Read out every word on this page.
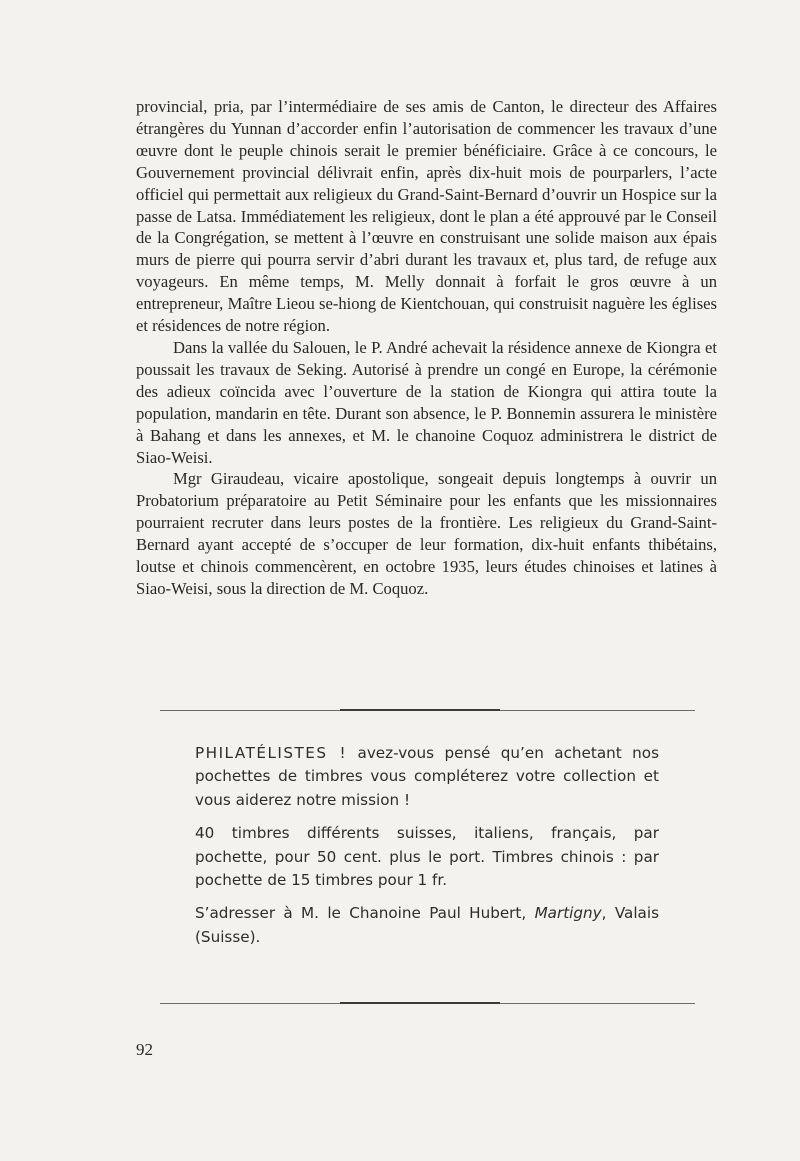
provincial, pria, par l’intermédiaire de ses amis de Canton, le directeur des Affaires étrangères du Yunnan d’accorder enfin l’autorisation de commencer les travaux d’une œuvre dont le peuple chinois serait le premier bénéficiaire. Grâce à ce concours, le Gouvernement provincial délivrait enfin, après dix-huit mois de pourparlers, l’acte officiel qui permettait aux religieux du Grand-Saint-Bernard d’ouvrir un Hospice sur la passe de Latsa. Immédiatement les religieux, dont le plan a été approuvé par le Conseil de la Congrégation, se mettent à l’œuvre en construisant une solide maison aux épais murs de pierre qui pourra servir d’abri durant les travaux et, plus tard, de refuge aux voyageurs. En même temps, M. Melly donnait à forfait le gros œuvre à un entrepreneur, Maître Lieou se-hiong de Kientchouan, qui construisit naguère les églises et résidences de notre région.

Dans la vallée du Salouen, le P. André achevait la résidence annexe de Kiongra et poussait les travaux de Seking. Autorisé à prendre un congé en Europe, la cérémonie des adieux coïncida avec l’ouverture de la station de Kiongra qui attira toute la population, mandarin en tête. Durant son absence, le P. Bonnemin assurera le ministère à Bahang et dans les annexes, et M. le chanoine Coquoz administrera le district de Siao-Weisi.

Mgr Giraudeau, vicaire apostolique, songeait depuis longtemps à ouvrir un Probatorium préparatoire au Petit Séminaire pour les enfants que les missionnaires pourraient recruter dans leurs postes de la frontière. Les religieux du Grand-Saint-Bernard ayant accepté de s’occuper de leur formation, dix-huit enfants thibétains, loutse et chinois commencèrent, en octobre 1935, leurs études chinoises et latines à Siao-Weisi, sous la direction de M. Coquoz.

PHILATÉLISTES ! avez-vous pensé qu’en achetant nos pochettes de timbres vous compléterez votre collection et vous aiderez notre mission !

40 timbres différents suisses, italiens, français, par pochette, pour 50 cent. plus le port. Timbres chinois : par pochette de 15 timbres pour 1 fr.

S’adresser à M. le Chanoine Paul Hubert, Martigny, Valais (Suisse).

92
